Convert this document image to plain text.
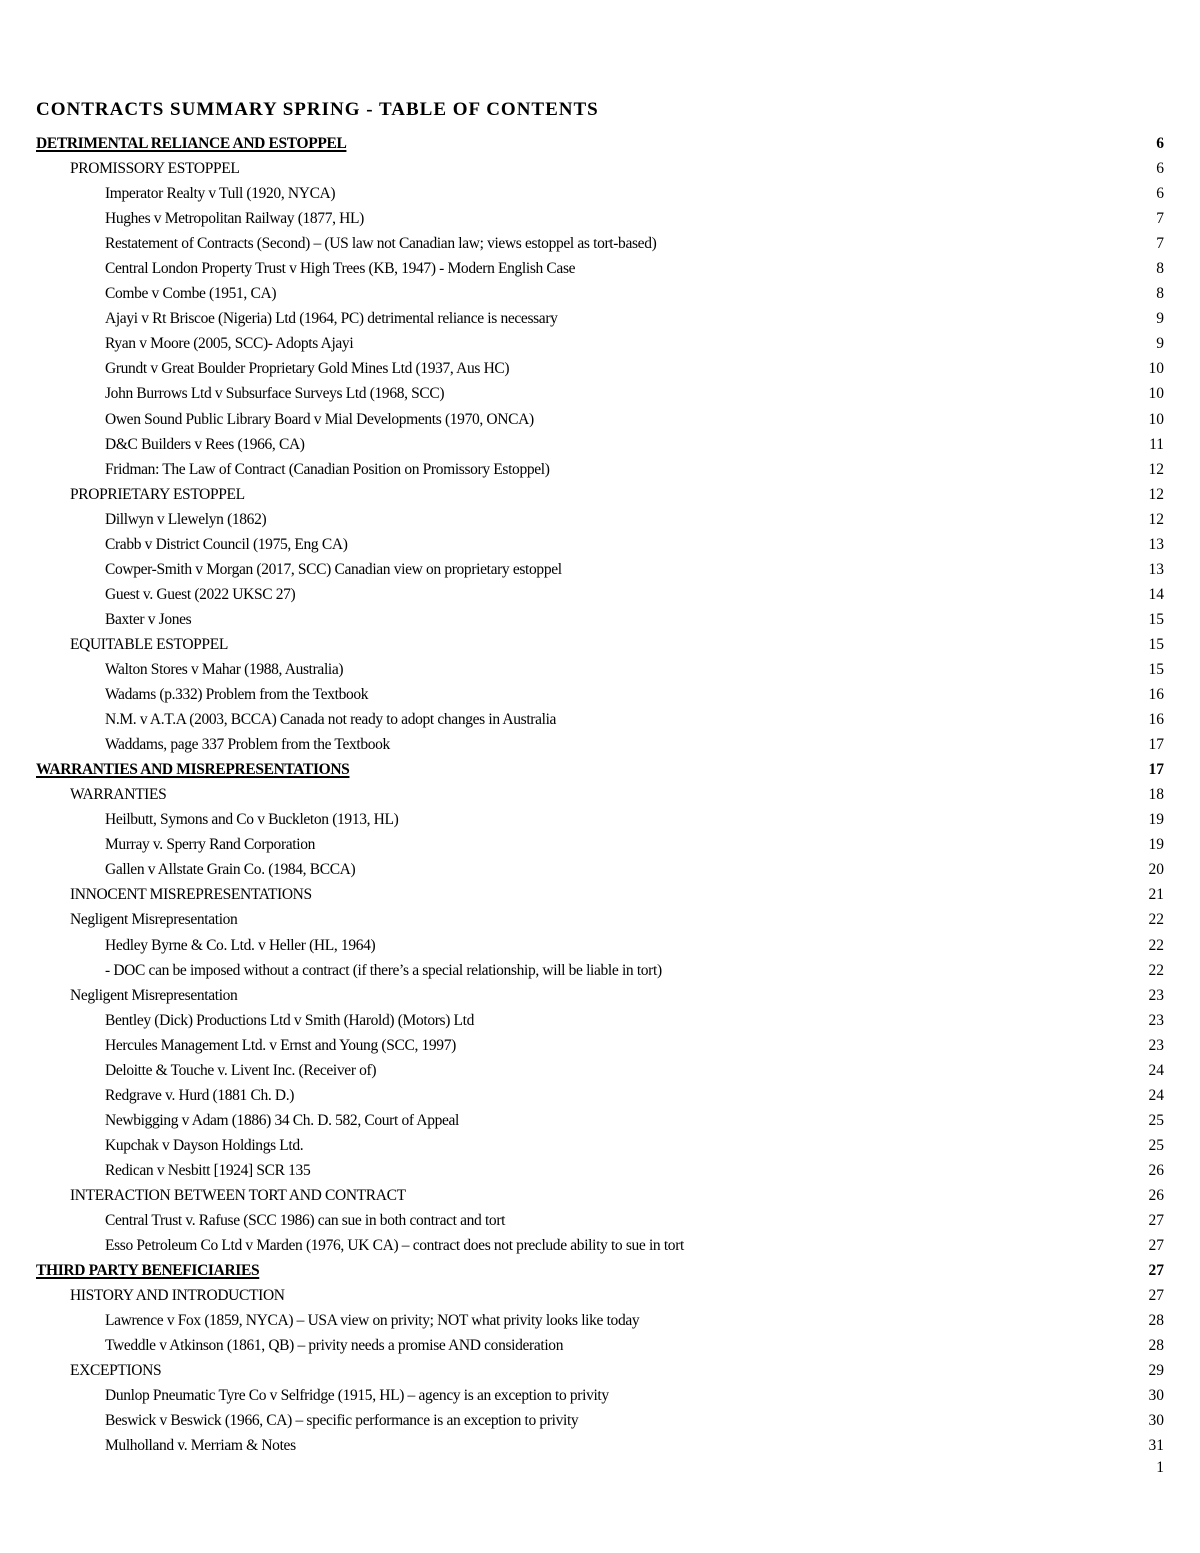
CONTRACTS SUMMARY SPRING - TABLE OF CONTENTS
DETRIMENTAL RELIANCE AND ESTOPPEL	6
PROMISSORY ESTOPPEL	6
Imperator Realty v Tull (1920, NYCA)	6
Hughes v Metropolitan Railway (1877, HL)	7
Restatement of Contracts (Second) – (US law not Canadian law; views estoppel as tort-based)	7
Central London Property Trust v High Trees (KB, 1947) - Modern English Case	8
Combe v Combe (1951, CA)	8
Ajayi v Rt Briscoe (Nigeria) Ltd (1964, PC) detrimental reliance is necessary	9
Ryan v Moore (2005, SCC)- Adopts Ajayi	9
Grundt v Great Boulder Proprietary Gold Mines Ltd (1937, Aus HC)	10
John Burrows Ltd v Subsurface Surveys Ltd (1968, SCC)	10
Owen Sound Public Library Board v Mial Developments (1970, ONCA)	10
D&C Builders v Rees (1966, CA)	11
Fridman: The Law of Contract (Canadian Position on Promissory Estoppel)	12
PROPRIETARY ESTOPPEL	12
Dillwyn v Llewelyn (1862)	12
Crabb v District Council (1975, Eng CA)	13
Cowper-Smith v Morgan (2017, SCC) Canadian view on proprietary estoppel	13
Guest v. Guest (2022 UKSC 27)	14
Baxter v Jones	15
EQUITABLE ESTOPPEL	15
Walton Stores v Mahar (1988, Australia)	15
Wadams (p.332) Problem from the Textbook	16
N.M. v A.T.A (2003, BCCA) Canada not ready to adopt changes in Australia	16
Waddams, page 337 Problem from the Textbook	17
WARRANTIES AND MISREPRESENTATIONS	17
WARRANTIES	18
Heilbutt, Symons and Co v Buckleton (1913, HL)	19
Murray v. Sperry Rand Corporation	19
Gallen v Allstate Grain Co. (1984, BCCA)	20
INNOCENT MISREPRESENTATIONS	21
Negligent Misrepresentation	22
Hedley Byrne & Co. Ltd. v Heller (HL, 1964)	22
- DOC can be imposed without a contract (if there’s a special relationship, will be liable in tort)	22
Negligent Misrepresentation	23
Bentley (Dick) Productions Ltd v Smith (Harold) (Motors) Ltd	23
Hercules Management Ltd. v Ernst and Young (SCC, 1997)	23
Deloitte & Touche v. Livent Inc. (Receiver of)	24
Redgrave v. Hurd (1881 Ch. D.)	24
Newbigging v Adam (1886) 34 Ch. D. 582, Court of Appeal	25
Kupchak v Dayson Holdings Ltd.	25
Redican v Nesbitt [1924] SCR 135	26
INTERACTION BETWEEN TORT AND CONTRACT	26
Central Trust v. Rafuse (SCC 1986) can sue in both contract and tort	27
Esso Petroleum Co Ltd v Marden (1976, UK CA) – contract does not preclude ability to sue in tort	27
THIRD PARTY BENEFICIARIES	27
HISTORY AND INTRODUCTION	27
Lawrence v Fox (1859, NYCA) – USA view on privity; NOT what privity looks like today	28
Tweddle v Atkinson (1861, QB) – privity needs a promise AND consideration	28
EXCEPTIONS	29
Dunlop Pneumatic Tyre Co v Selfridge (1915, HL) – agency is an exception to privity	30
Beswick v Beswick (1966, CA) – specific performance is an exception to privity	30
Mulholland v. Merriam & Notes	31
1
